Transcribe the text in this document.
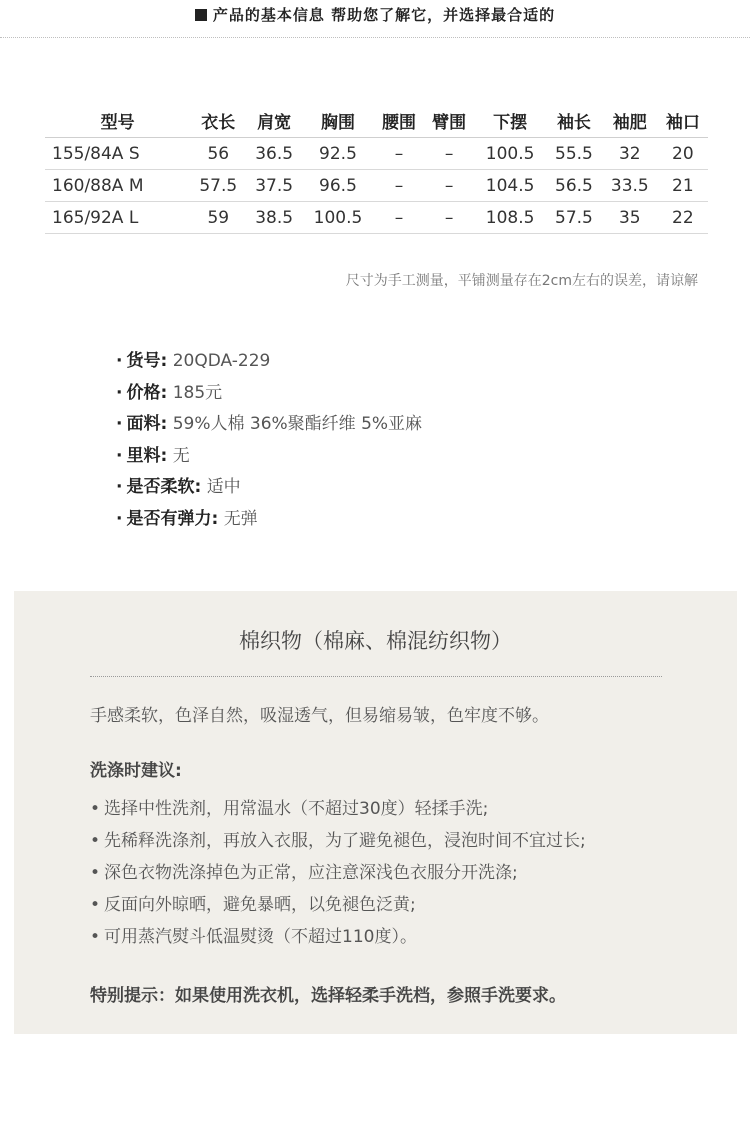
产品的基本信息 帮助您了解它，并选择最合适的
型号	衣长	肩宽	胸围	腰围	臂围	下摆	袖长	袖肥	袖口
155/84A S	56	36.5	92.5	–	–	100.5	55.5	32	20
160/88A M	57.5	37.5	96.5	–	–	104.5	56.5	33.5	21
165/92A L	59	38.5	100.5	–	–	108.5	57.5	35	22
尺寸为手工测量，平铺测量存在2cm左右的误差，请谅解
· 货号: 20QDA-229
· 价格: 185元
· 面料: 59%人棉 36%聚酯纤维 5%亚麻
· 里料: 无
· 是否柔软: 适中
· 是否有弹力: 无弹
棉织物（棉麻、棉混纺织物）
手感柔软，色泽自然，吸湿透气，但易缩易皱，色牢度不够。
洗涤时建议:
• 选择中性洗剂，用常温水（不超过30度）轻揉手洗;
• 先稀释洗涤剂，再放入衣服，为了避免褪色，浸泡时间不宜过长;
• 深色衣物洗涤掉色为正常，应注意深浅色衣服分开洗涤;
• 反面向外晾晒，避免暴晒，以免褪色泛黄;
• 可用蒸汽熨斗低温熨烫（不超过110度）。
特别提示：如果使用洗衣机，选择轻柔手洗档，参照手洗要求。
